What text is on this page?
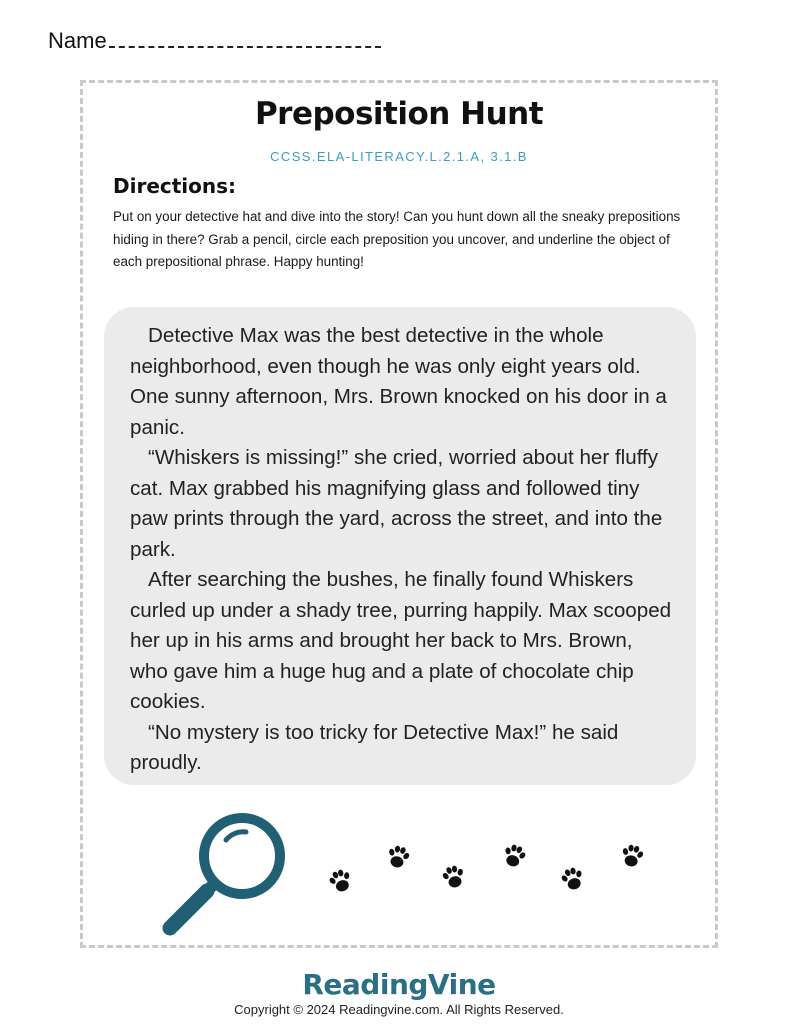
Name
Preposition Hunt
CCSS.ELA-LITERACY.L.2.1.A, 3.1.B
Directions:
Put on your detective hat and dive into the story! Can you hunt down all the sneaky prepositions hiding in there? Grab a pencil, circle each preposition you uncover, and underline the object of each prepositional phrase. Happy hunting!

Detective Max was the best detective in the whole neighborhood, even though he was only eight years old. One sunny afternoon, Mrs. Brown knocked on his door in a panic.

“Whiskers is missing!” she cried, worried about her fluffy cat. Max grabbed his magnifying glass and followed tiny paw prints through the yard, across the street, and into the park.

After searching the bushes, he finally found Whiskers curled up under a shady tree, purring happily. Max scooped her up in his arms and brought her back to Mrs. Brown, who gave him a huge hug and a plate of chocolate chip cookies.

“No mystery is too tricky for Detective Max!” he said proudly.

ReadingVine
Copyright © 2024 Readingvine.com. All Rights Reserved.
